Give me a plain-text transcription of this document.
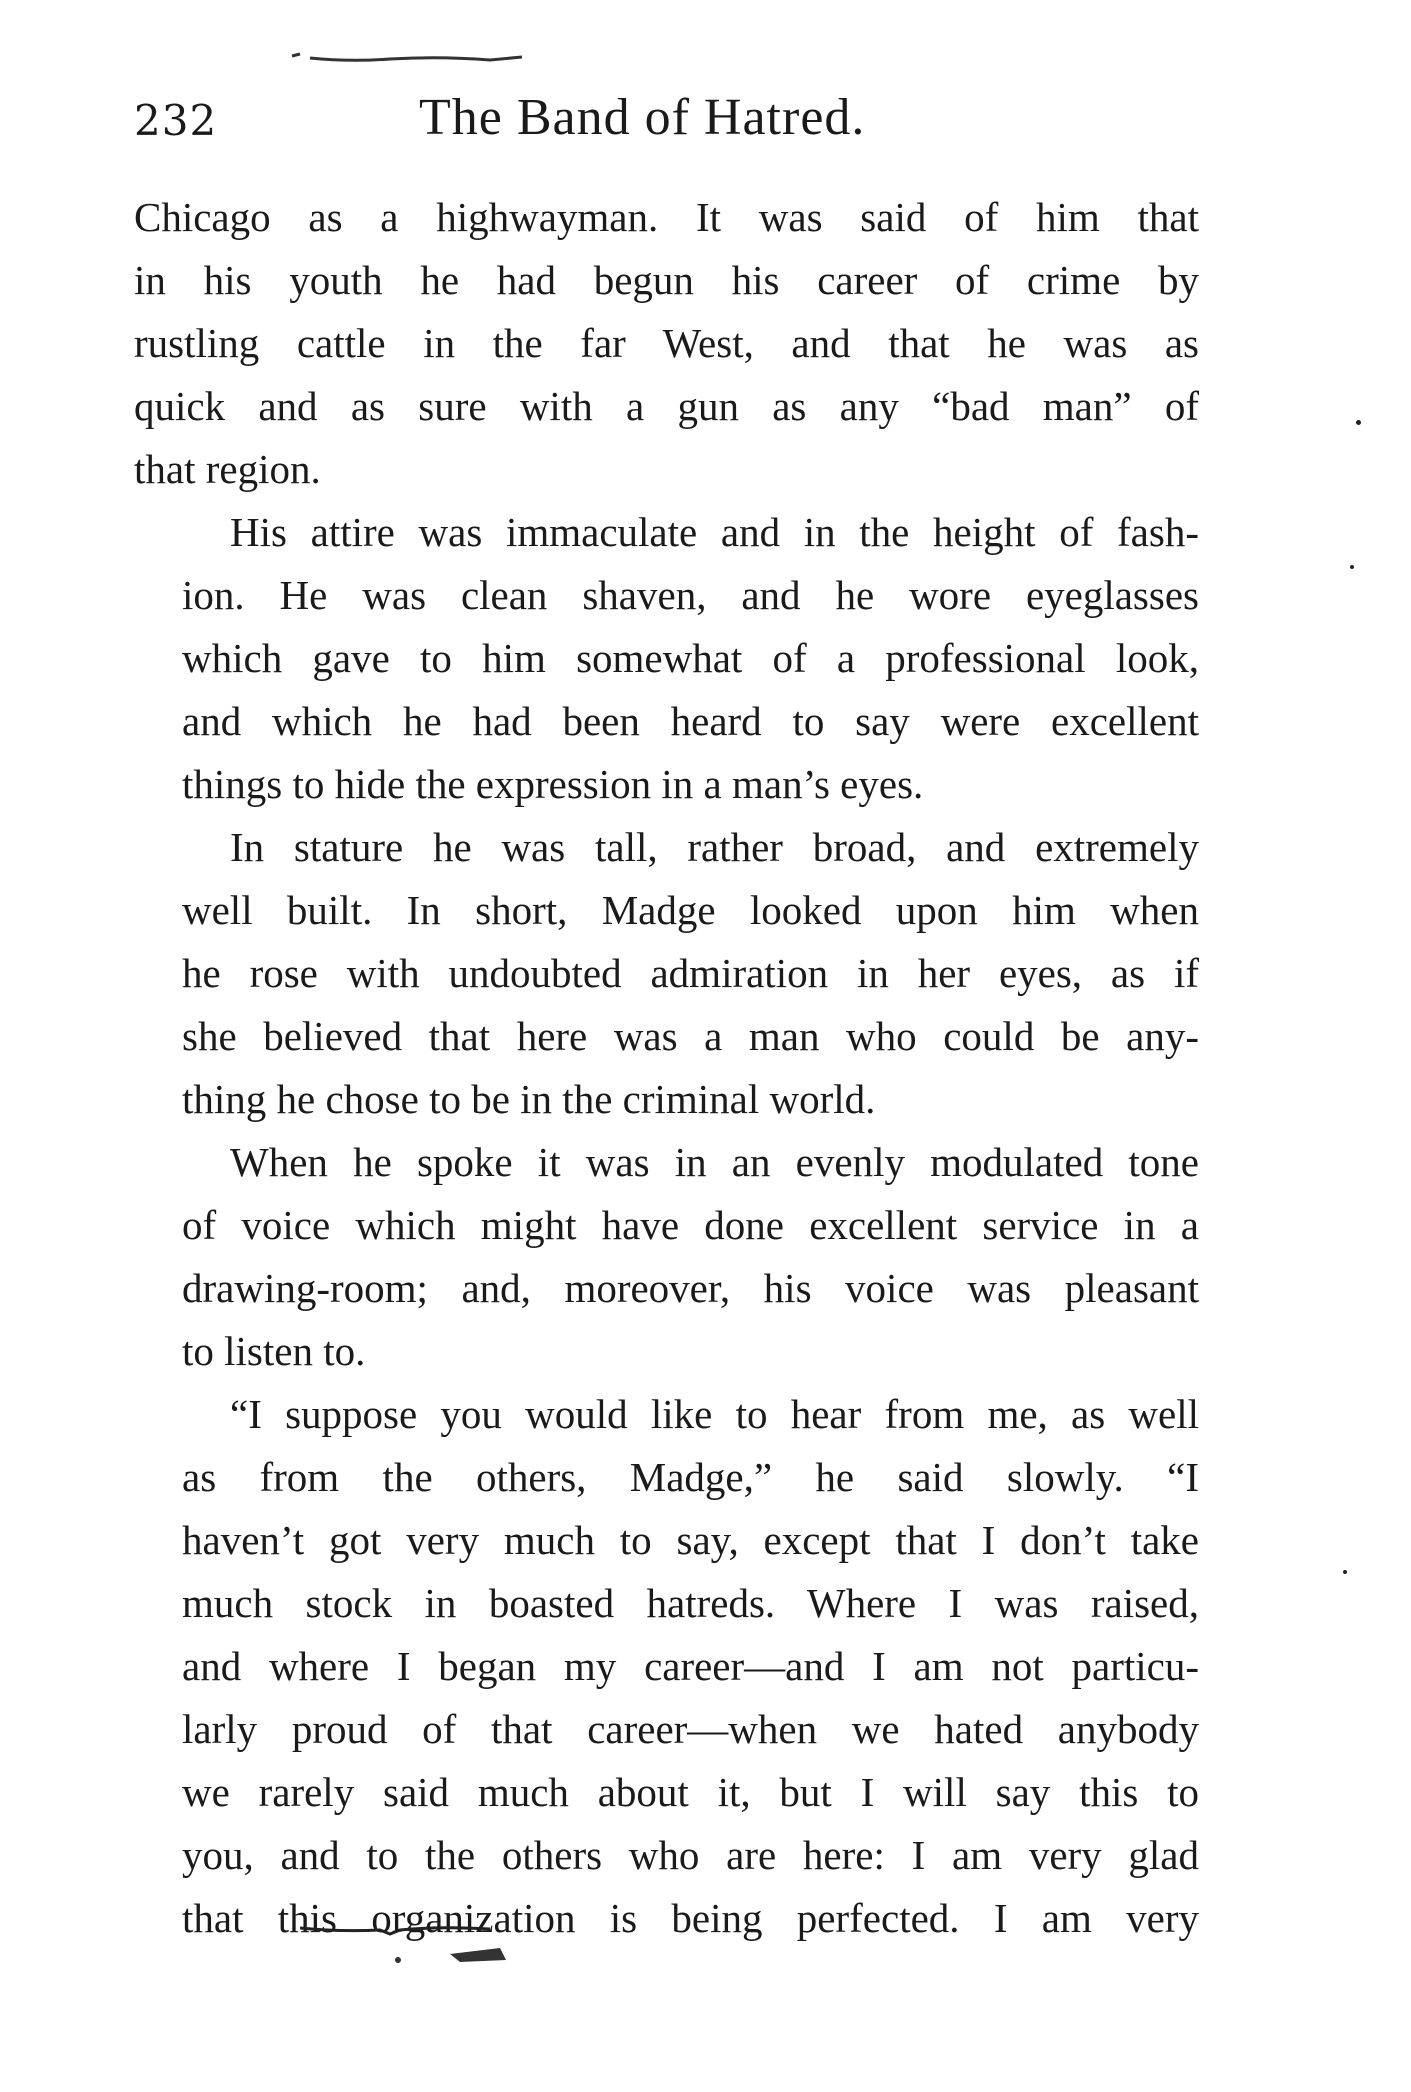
232	The Band of Hatred.
Chicago as a highwayman. It was said of him that
in his youth he had begun his career of crime by
rustling cattle in the far West, and that he was as
quick and as sure with a gun as any “bad man” of
that region.
His attire was immaculate and in the height of fash-
ion. He was clean shaven, and he wore eyeglasses
which gave to him somewhat of a professional look,
and which he had been heard to say were excellent
things to hide the expression in a man’s eyes.
In stature he was tall, rather broad, and extremely
well built. In short, Madge looked upon him when
he rose with undoubted admiration in her eyes, as if
she believed that here was a man who could be any-
thing he chose to be in the criminal world.
When he spoke it was in an evenly modulated tone
of voice which might have done excellent service in a
drawing-room; and, moreover, his voice was pleasant
to listen to.
“I suppose you would like to hear from me, as well
as from the others, Madge,” he said slowly. “I
haven’t got very much to say, except that I don’t take
much stock in boasted hatreds. Where I was raised,
and where I began my career—and I am not particu-
larly proud of that career—when we hated anybody
we rarely said much about it, but I will say this to
you, and to the others who are here: I am very glad
that this organization is being perfected. I am very
